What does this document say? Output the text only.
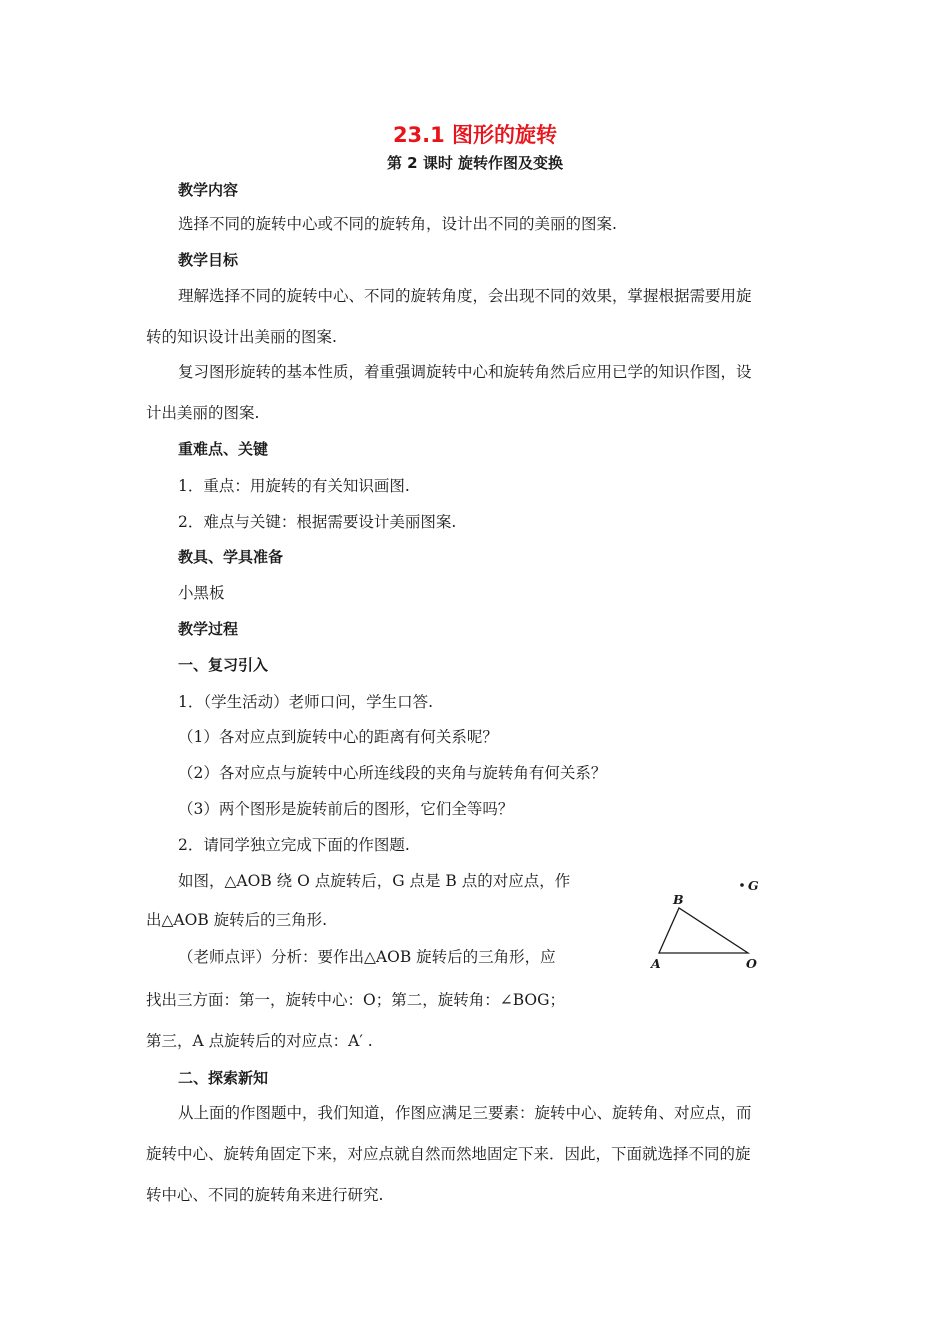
23.1 图形的旋转
第 2 课时 旋转作图及变换
教学内容
选择不同的旋转中心或不同的旋转角，设计出不同的美丽的图案.
教学目标
理解选择不同的旋转中心、不同的旋转角度，会出现不同的效果，掌握根据需要用旋
转的知识设计出美丽的图案.
复习图形旋转的基本性质，着重强调旋转中心和旋转角然后应用已学的知识作图，设
计出美丽的图案.
重难点、关键
1．重点：用旋转的有关知识画图.
2．难点与关键：根据需要设计美丽图案.
教具、学具准备
小黑板
教学过程
一、复习引入
1．（学生活动）老师口问，学生口答.
（1）各对应点到旋转中心的距离有何关系呢？
（2）各对应点与旋转中心所连线段的夹角与旋转角有何关系？
（3）两个图形是旋转前后的图形，它们全等吗？
2．请同学独立完成下面的作图题.
如图，△AOB 绕 O 点旋转后，G 点是 B 点的对应点，作
出△AOB 旋转后的三角形.
（老师点评）分析：要作出△AOB 旋转后的三角形，应
找出三方面：第一，旋转中心：O；第二，旋转角：∠BOG；
第三，A 点旋转后的对应点：A′ .
二、探索新知
从上面的作图题中，我们知道，作图应满足三要素：旋转中心、旋转角、对应点，而
旋转中心、旋转角固定下来，对应点就自然而然地固定下来．因此，下面就选择不同的旋
转中心、不同的旋转角来进行研究.
B
A	O
G
